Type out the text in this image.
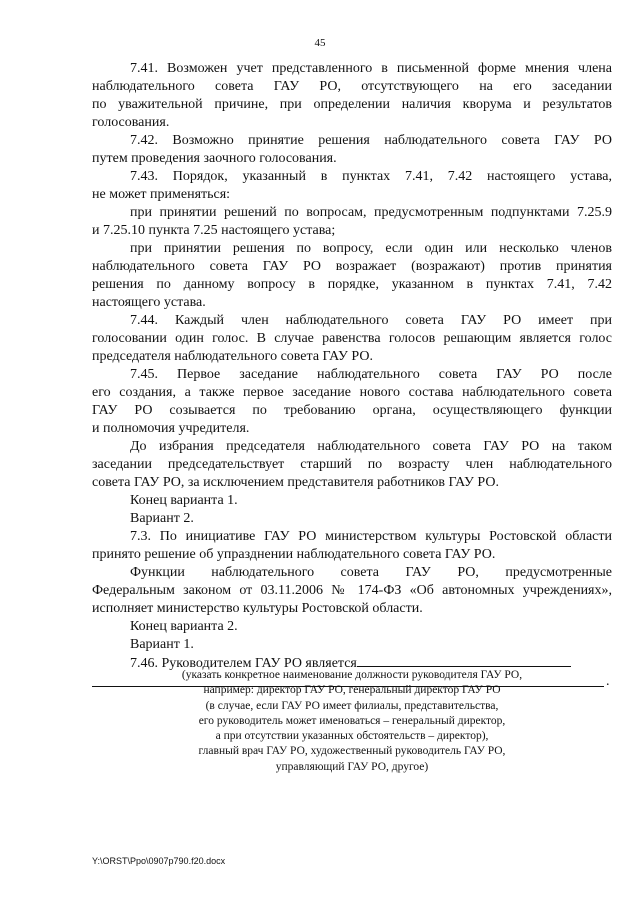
45
7.41. Возможен учет представленного в письменной форме мнения члена
наблюдательного совета ГАУ РО, отсутствующего на его заседании
по уважительной причине, при определении наличия кворума и результатов
голосования.
7.42. Возможно принятие решения наблюдательного совета ГАУ РО
путем проведения заочного голосования.
7.43. Порядок, указанный в пунктах 7.41, 7.42 настоящего устава,
не может применяться:
при принятии решений по вопросам, предусмотренным подпунктами 7.25.9
и 7.25.10 пункта 7.25 настоящего устава;
при принятии решения по вопросу, если один или несколько членов
наблюдательного совета ГАУ РО возражает (возражают) против принятия
решения по данному вопросу в порядке, указанном в пунктах 7.41, 7.42
настоящего устава.
7.44. Каждый член наблюдательного совета ГАУ РО имеет при
голосовании один голос. В случае равенства голосов решающим является голос
председателя наблюдательного совета ГАУ РО.
7.45. Первое заседание наблюдательного совета ГАУ РО после
его создания, а также первое заседание нового состава наблюдательного совета
ГАУ РО созывается по требованию органа, осуществляющего функции
и полномочия учредителя.
До избрания председателя наблюдательного совета ГАУ РО на таком
заседании председательствует старший по возрасту член наблюдательного
совета ГАУ РО, за исключением представителя работников ГАУ РО.
Конец варианта 1.
Вариант 2.
7.3. По инициативе ГАУ РО министерством культуры Ростовской области
принято решение об упразднении наблюдательного совета ГАУ РО.
Функции наблюдательного совета ГАУ РО, предусмотренные
Федеральным законом от 03.11.2006 № 174-ФЗ «Об автономных учреждениях»,
исполняет министерство культуры Ростовской области.
Конец варианта 2.
Вариант 1.
7.46. Руководителем ГАУ РО является
.
(указать конкретное наименование должности руководителя ГАУ РО,
например: директор ГАУ РО, генеральный директор ГАУ РО
(в случае, если ГАУ РО имеет филиалы, представительства,
его руководитель может именоваться – генеральный директор,
а при отсутствии указанных обстоятельств – директор),
главный врач ГАУ РО, художественный руководитель ГАУ РО,
управляющий ГАУ РО, другое)
Y:\ORST\Ppo\0907p790.f20.docx
